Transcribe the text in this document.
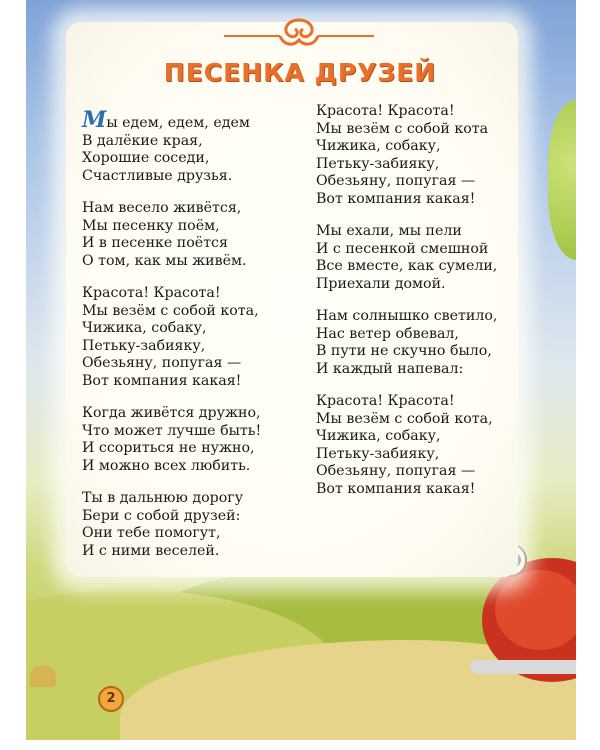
ПЕСЕНКА ДРУЗЕЙ
Мы едем, едем, едем
В далёкие края,
Хорошие соседи,
Счастливые друзья.
Нам весело живётся,
Мы песенку поём,
И в песенке поётся
О том, как мы живём.
Красота! Красота!
Мы везём с собой кота,
Чижика, собаку,
Петьку-забияку,
Обезьяну, попугая —
Вот компания какая!
Когда живётся дружно,
Что может лучше быть!
И ссориться не нужно,
И можно всех любить.
Ты в дальнюю дорогу
Бери с собой друзей:
Они тебе помогут,
И с ними веселей.
Красота! Красота!
Мы везём с собой кота
Чижика, собаку,
Петьку-забияку,
Обезьяну, попугая —
Вот компания какая!
Мы ехали, мы пели
И с песенкой смешной
Все вместе, как сумели,
Приехали домой.
Нам солнышко светило,
Нас ветер обвевал,
В пути не скучно было,
И каждый напевал:
Красота! Красота!
Мы везём с собой кота,
Чижика, собаку,
Петьку-забияку,
Обезьяну, попугая —
Вот компания какая!
2
